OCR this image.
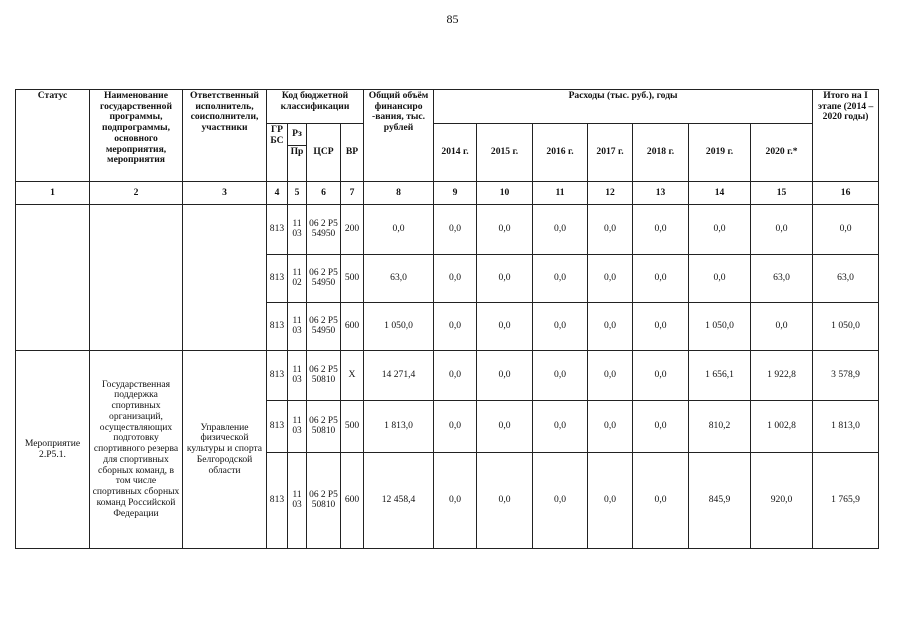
85
Статус	Наименование государственной программы, подпрограммы, основного мероприятия, мероприятия	Ответственный исполнитель, соисполнители, участники	Код бюджетной классификации				Общий объём финансиро -вания, тыс. рублей	Расходы (тыс. руб.), годы							Итого на I этапе (2014 – 2020 годы)
			ГР БС	Рз	ЦСР	ВР		2014 г.	2015 г.	2016 г.	2017 г.	2018 г.	2019 г.	2020 г.*	
				Пр											
1	2	3	4	5	6	7	8	9	10	11	12	13	14	15	16
			813	11 03	06 2 Р5 54950	200	0,0	0,0	0,0	0,0	0,0	0,0	0,0	0,0	0,0
			813	11 02	06 2 Р5 54950	500	63,0	0,0	0,0	0,0	0,0	0,0	0,0	63,0	63,0
			813	11 03	06 2 Р5 54950	600	1 050,0	0,0	0,0	0,0	0,0	0,0	1 050,0	0,0	1 050,0
Мероприятие 2.Р5.1.	Государственная поддержка спортивных организаций, осуществляющих подготовку спортивного резерва для спортивных сборных команд, в том числе спортивных сборных команд Российской Федерации	Управление физической культуры и спорта Белгородской области	813	11 03	06 2 Р5 50810	Х	14 271,4	0,0	0,0	0,0	0,0	0,0	1 656,1	1 922,8	3 578,9
			813	11 03	06 2 Р5 50810	500	1 813,0	0,0	0,0	0,0	0,0	0,0	810,2	1 002,8	1 813,0
			813	11 03	06 2 Р5 50810	600	12 458,4	0,0	0,0	0,0	0,0	0,0	845,9	920,0	1 765,9
